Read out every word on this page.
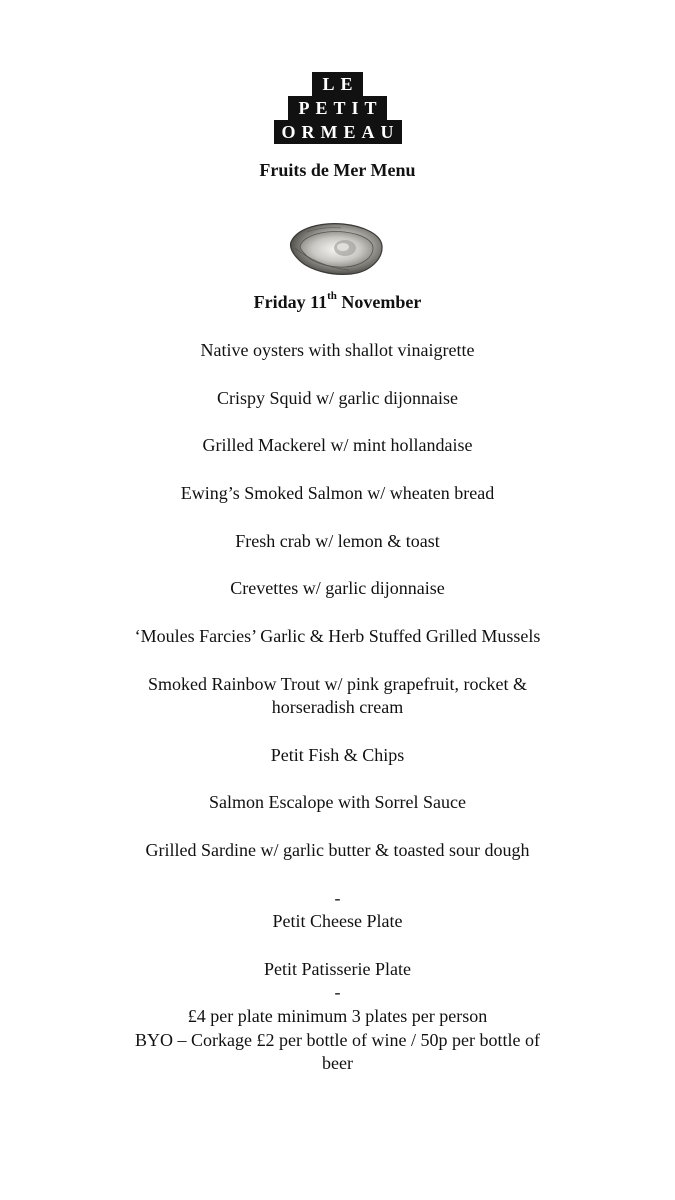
LE
PETIT
ORMEAU
Fruits de Mer Menu
Friday 11th November
Native oysters with shallot vinaigrette
Crispy Squid w/ garlic dijonnaise
Grilled Mackerel w/ mint hollandaise
Ewing’s Smoked Salmon w/ wheaten bread
Fresh crab w/ lemon & toast
Crevettes w/ garlic dijonnaise
‘Moules Farcies’ Garlic & Herb Stuffed Grilled Mussels
Smoked Rainbow Trout w/ pink grapefruit, rocket &
horseradish cream
Petit Fish & Chips
Salmon Escalope with Sorrel Sauce
Grilled Sardine w/ garlic butter & toasted sour dough
-
Petit Cheese Plate
Petit Patisserie Plate
-
£4 per plate minimum 3 plates per person
BYO – Corkage £2 per bottle of wine / 50p per bottle of
beer
